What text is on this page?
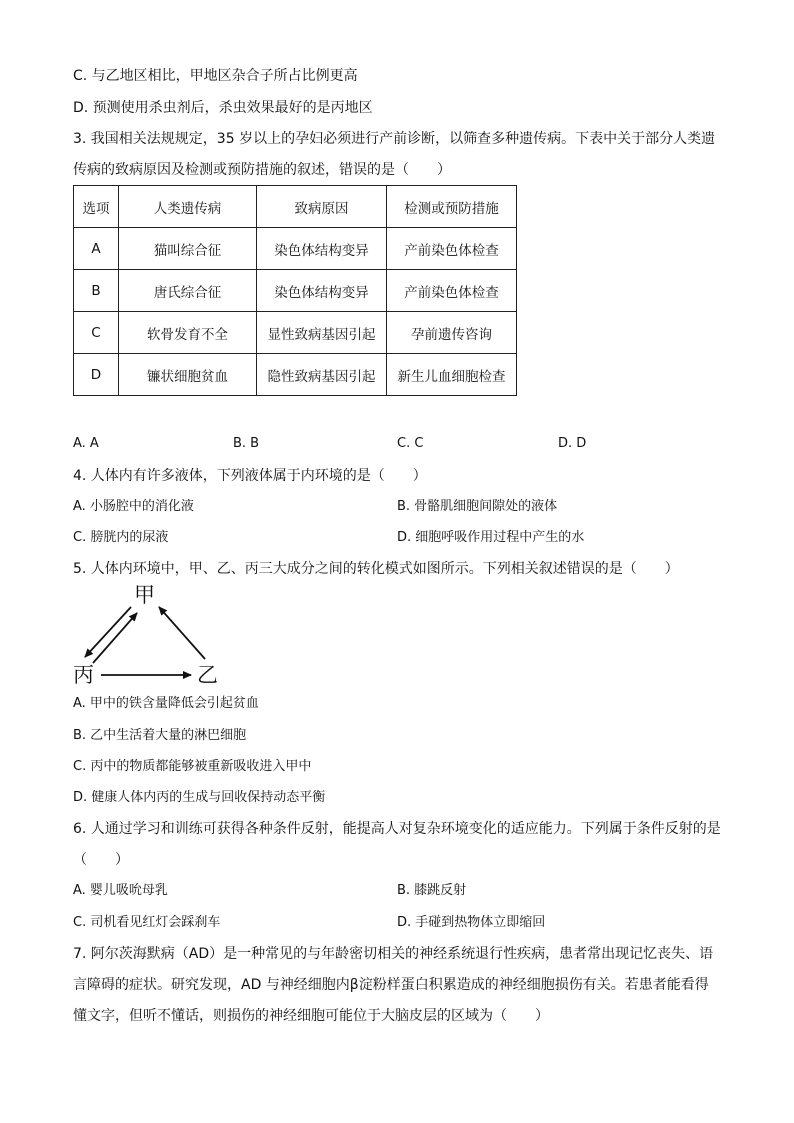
C. 与乙地区相比，甲地区杂合子所占比例更高
D. 预测使用杀虫剂后，杀虫效果最好的是丙地区
3. 我国相关法规规定，35 岁以上的孕妇必须进行产前诊断，以筛查多种遗传病。下表中关于部分人类遗
传病的致病原因及检测或预防措施的叙述，错误的是（　　）
选项	人类遗传病	致病原因	检测或预防措施
A	猫叫综合征	染色体结构变异	产前染色体检查
B	唐氏综合征	染色体结构变异	产前染色体检查
C	软骨发育不全	显性致病基因引起	孕前遗传咨询
D	镰状细胞贫血	隐性致病基因引起	新生儿血细胞检查
A. A	B. B	C. C	D. D
4. 人体内有许多液体，下列液体属于内环境的是（　　）
A. 小肠腔中的消化液	B. 骨骼肌细胞间隙处的液体
C. 膀胱内的尿液	D. 细胞呼吸作用过程中产生的水
5. 人体内环境中，甲、乙、丙三大成分之间的转化模式如图所示。下列相关叙述错误的是（　　）
甲
丙	乙
A. 甲中的铁含量降低会引起贫血
B. 乙中生活着大量的淋巴细胞
C. 丙中的物质都能够被重新吸收进入甲中
D. 健康人体内丙的生成与回收保持动态平衡
6. 人通过学习和训练可获得各种条件反射，能提高人对复杂环境变化的适应能力。下列属于条件反射的是
（　　）
A. 婴儿吸吮母乳	B. 膝跳反射
C. 司机看见红灯会踩刹车	D. 手碰到热物体立即缩回
7. 阿尔茨海默病（AD）是一种常见的与年龄密切相关的神经系统退行性疾病，患者常出现记忆丧失、语
言障碍的症状。研究发现，AD 与神经细胞内β淀粉样蛋白积累造成的神经细胞损伤有关。若患者能看得
懂文字，但听不懂话，则损伤的神经细胞可能位于大脑皮层的区域为（　　）
